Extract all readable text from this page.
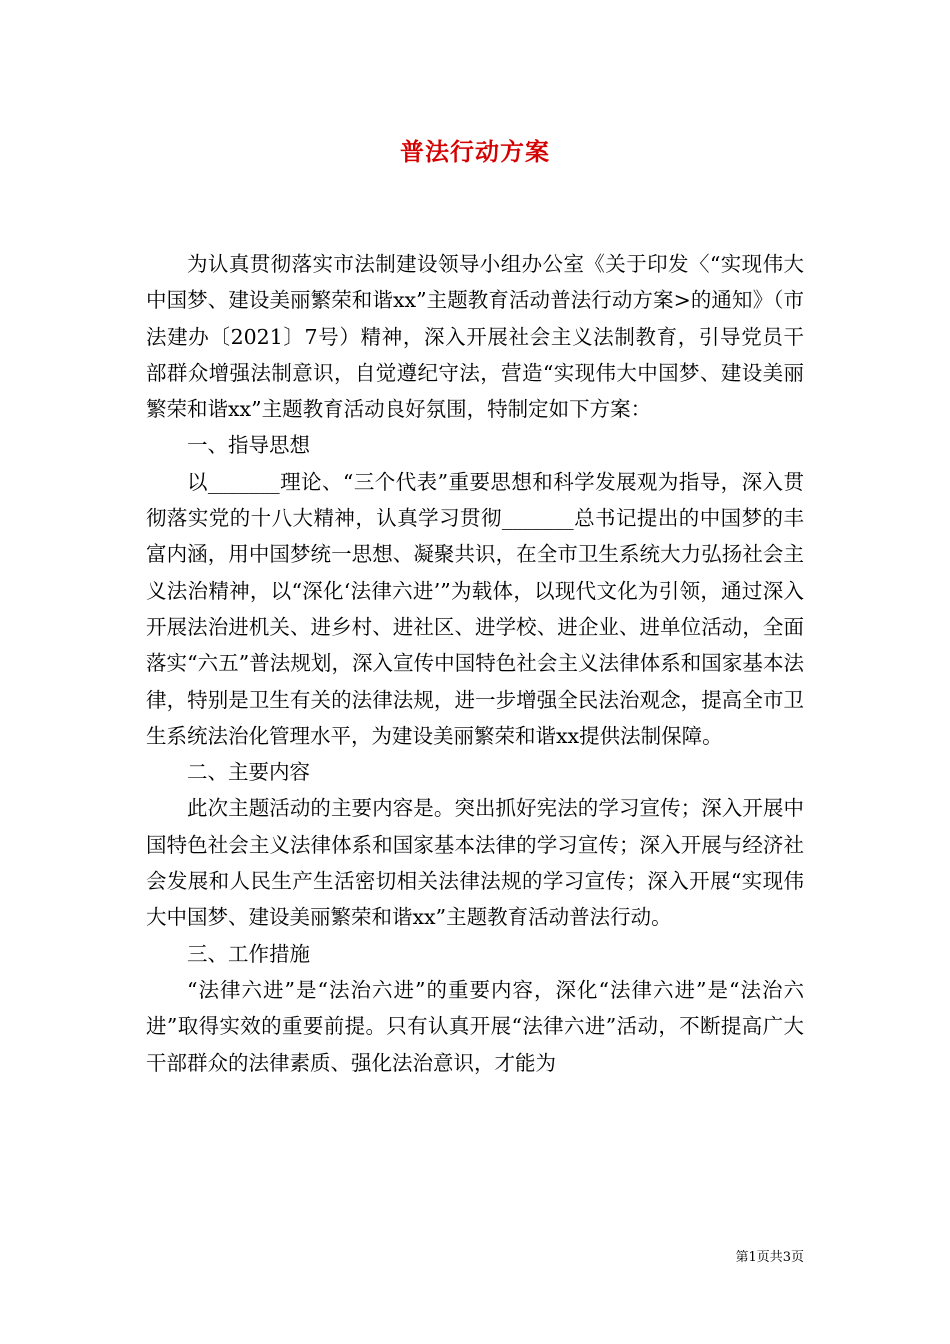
普法行动方案

为认真贯彻落实市法制建设领导小组办公室《关于印发〈“实现伟大中国梦、建设美丽繁荣和谐xx”主题教育活动普法行动方案>的通知》（市法建办〔2021〕7号）精神，深入开展社会主义法制教育，引导党员干部群众增强法制意识，自觉遵纪守法，营造“实现伟大中国梦、建设美丽繁荣和谐xx”主题教育活动良好氛围，特制定如下方案：

一、指导思想

以_______理论、“三个代表”重要思想和科学发展观为指导，深入贯彻落实党的十八大精神，认真学习贯彻_______总书记提出的中国梦的丰富内涵，用中国梦统一思想、凝聚共识，在全市卫生系统大力弘扬社会主义法治精神，以“深化‘法律六进’”为载体，以现代文化为引领，通过深入开展法治进机关、进乡村、进社区、进学校、进企业、进单位活动，全面落实“六五”普法规划，深入宣传中国特色社会主义法律体系和国家基本法律，特别是卫生有关的法律法规，进一步增强全民法治观念，提高全市卫生系统法治化管理水平，为建设美丽繁荣和谐xx提供法制保障。

二、主要内容

此次主题活动的主要内容是。突出抓好宪法的学习宣传；深入开展中国特色社会主义法律体系和国家基本法律的学习宣传；深入开展与经济社会发展和人民生产生活密切相关法律法规的学习宣传；深入开展“实现伟大中国梦、建设美丽繁荣和谐xx”主题教育活动普法行动。

三、工作措施

“法律六进”是“法治六进”的重要内容，深化“法律六进”是“法治六进”取得实效的重要前提。只有认真开展“法律六进”活动，不断提高广大干部群众的法律素质、强化法治意识，才能为

第1页共3页
